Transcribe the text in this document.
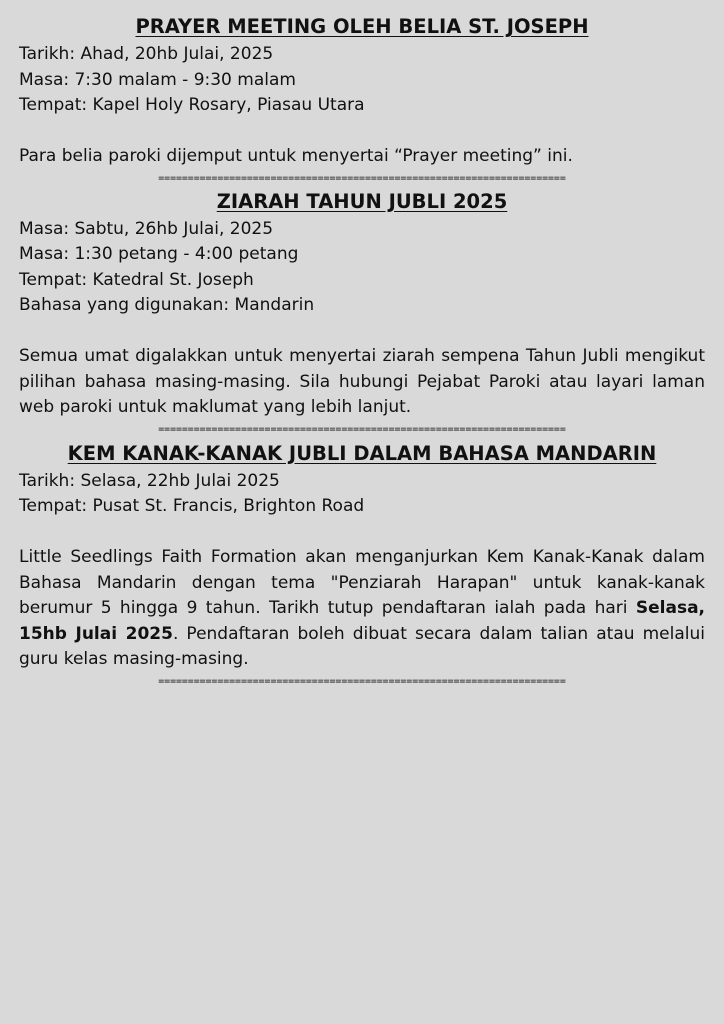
PRAYER MEETING OLEH BELIA ST. JOSEPH

Tarikh: Ahad, 20hb Julai, 2025

Masa: 7:30 malam - 9:30 malam

Tempat: Kapel Holy Rosary, Piasau Utara

Para belia paroki dijemput untuk menyertai “Prayer meeting” ini.

=====================================================================
ZIARAH TAHUN JUBLI 2025

Masa: Sabtu, 26hb Julai, 2025

Masa: 1:30 petang - 4:00 petang

Tempat: Katedral St. Joseph

Bahasa yang digunakan: Mandarin

Semua umat digalakkan untuk menyertai ziarah sempena Tahun Jubli mengikut pilihan bahasa masing-masing. Sila hubungi Pejabat Paroki atau layari laman web paroki untuk maklumat yang lebih lanjut.

=====================================================================
KEM KANAK-KANAK JUBLI DALAM BAHASA MANDARIN

Tarikh: Selasa, 22hb Julai 2025

Tempat: Pusat St. Francis, Brighton Road

Little Seedlings Faith Formation akan menganjurkan Kem Kanak-Kanak dalam Bahasa Mandarin dengan tema "Penziarah Harapan" untuk kanak-kanak berumur 5 hingga 9 tahun. Tarikh tutup pendaftaran ialah pada hari Selasa, 15hb Julai 2025. Pendaftaran boleh dibuat secara dalam talian atau melalui guru kelas masing-masing.

=====================================================================
